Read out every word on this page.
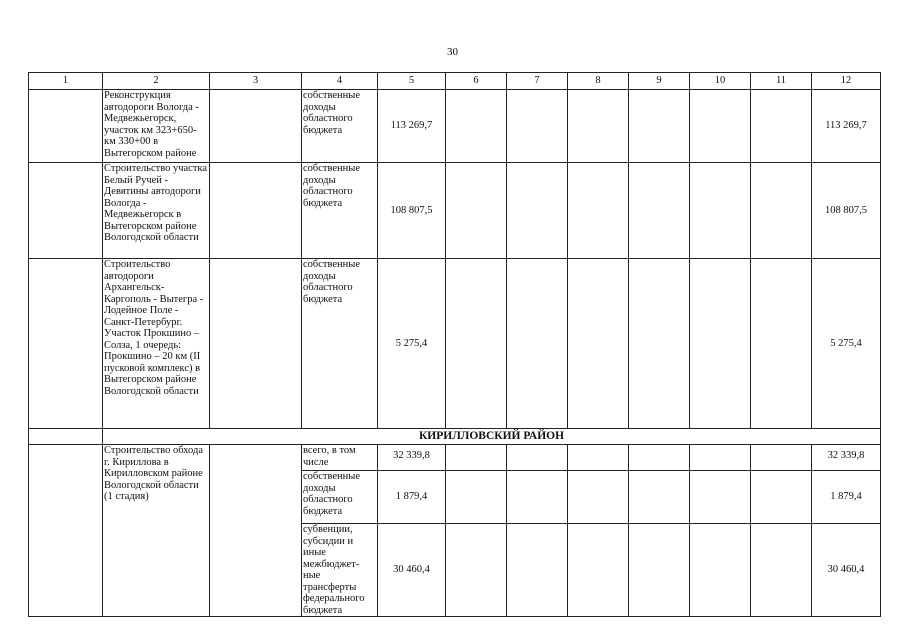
30
1	2	3	4	5	6	7	8	9	10	11	12
	Реконструкция автодороги Вологда - Медвежьегорск, участок км 323+650-км 330+00 в Вытегорском районе		собственные доходы областного бюджета	113 269,7							113 269,7
	Строительство участка Белый Ручей - Девятины автодороги Вологда - Медвежьегорск в Вытегорском районе Вологодской области		собственные доходы областного бюджета	108 807,5							108 807,5
	Строительство автодороги Архангельск-Каргополь - Вытегра - Лодейное Поле - Санкт-Петербург. Участок Прокшино – Солза, 1 очередь: Прокшино – 20 км (II пусковой комплекс) в Вытегорском районе Вологодской области		собственные доходы областного бюджета	5 275,4							5 275,4
	КИРИЛЛОВСКИЙ РАЙОН										
	Строительство обхода г. Кириллова в Кирилловском районе Вологодской области (1 стадия)		всего, в том числе	32 339,8							32 339,8
			собственные доходы областного бюджета	1 879,4							1 879,4
			субвенции, субсидии и иные межбюджет-ные трансферты федерального бюджета	30 460,4							30 460,4
